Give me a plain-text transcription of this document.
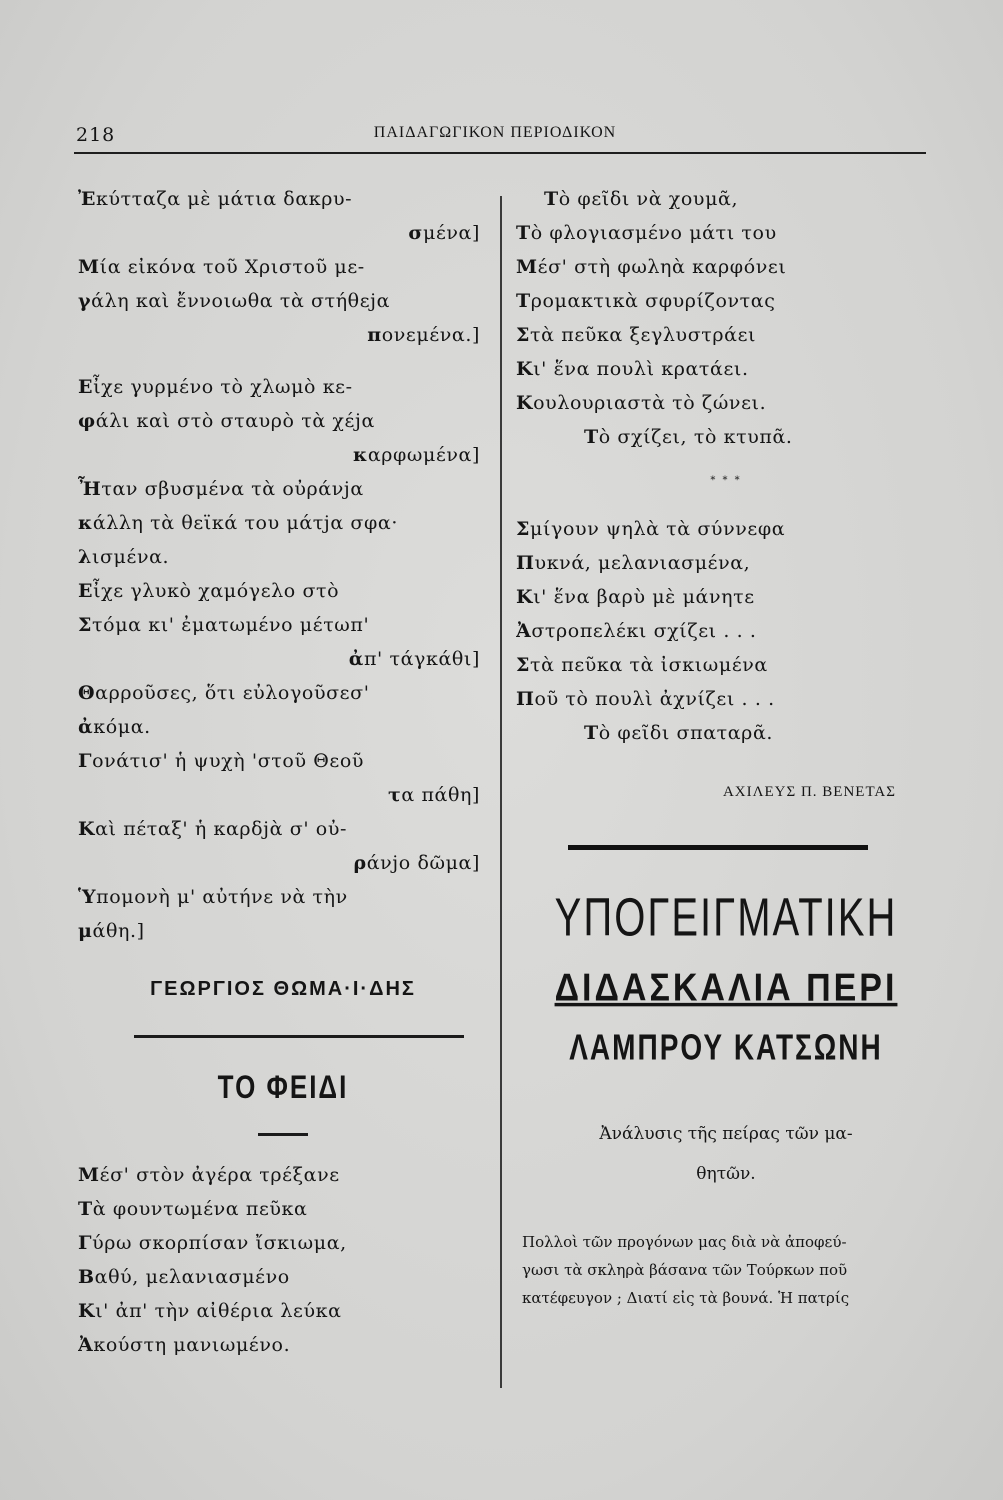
218	ΠΑΙΔΑΓΩΓΙΚΟΝ ΠΕΡΙΟΔΙΚΟΝ
Ἐκύτταζα μὲ μάτια δακρυ-
σμένα]
Μία εἰκόνα τοῦ Χριστοῦ με-
γάλη καὶ ἔννοιωθα τὰ στήθεϳα
πονεμένα.]
Εἶχε γυρμένο τὸ χλωμὸ κε-
φάλι καὶ στὸ σταυρὸ τὰ χέϳα
καρφωμένα]
Ἦταν σβυσμένα τὰ οὐράνϳα
κάλλη τὰ θεϊκά του μάτϳα σφα·
λισμένα.
Εἶχε γλυκὸ χαμόγελο στὸ
Στόμα κι' ἐματωμένο μέτωπ'
ἀπ' τάγκάθι]
Θαρροῦσες, ὅτι εὐλογοῦσεσ'
ἀκόμα.
Γονάτισ' ἡ ψυχὴ 'στοῦ Θεοῦ
τα πάθη]
Καὶ πέταξ' ἡ καρδϳὰ σ' οὐ-
ράνϳο δῶμα]
Ὑπομονὴ μ' αὐτήνε νὰ τὴν
μάθη.]
ΓΕΩΡΓΙΟΣ ΘΩΜΑ·Ι·ΔΗΣ
ΤΟ ΦΕΙΔΙ
Μέσ' στὸν ἀγέρα τρέξανε
Τὰ φουντωμένα πεῦκα
Γύρω σκορπίσαν ἴσκιωμα,
Βαθύ, μελανιασμένο
Κι' ἀπ' τὴν αἰθέρια λεύκα
Ἀκούστη μανιωμένο.
Τὸ φεῖδι νὰ χουμᾶ,
Τὸ φλογιασμένο μάτι του
Μέσ' στὴ φωληὰ καρφόνει
Τρομακτικὰ σφυρίζοντας
Στὰ πεῦκα ξεγλυστράει
Κι' ἕνα πουλὶ κρατάει.
Κουλουριαστὰ τὸ ζώνει.
Τὸ σχίζει, τὸ κτυπᾶ.
* * *
Σμίγουν ψηλὰ τὰ σύννεφα
Πυκνά, μελανιασμένα,
Κι' ἕνα βαρὺ μὲ μάνητε
Ἀστροπελέκι σχίζει . . .
Στὰ πεῦκα τὰ ἰσκιωμένα
Ποῦ τὸ πουλὶ ἀχνίζει . . .
Τὸ φεῖδι σπαταρᾶ.
ΑΧΙΛΕΥΣ Π. ΒΕΝΕΤΑΣ
ΥΠΟΓΕΙΓΜΑΤΙΚΗ
ΔΙΔΑΣΚΑΛΙΑ ΠΕΡΙ
ΛΑΜΠΡΟΥ ΚΑΤΣΩΝΗ
Ἀνάλυσις τῆς πείρας τῶν μα-
θητῶν.
Πολλοὶ τῶν προγόνων μας διὰ νὰ ἀποφεύ-
γωσι τὰ σκληρὰ βάσανα τῶν Τούρκων ποῦ
κατέφευγον ; Διατί εἰς τὰ βουνά. Ἡ πατρίς
